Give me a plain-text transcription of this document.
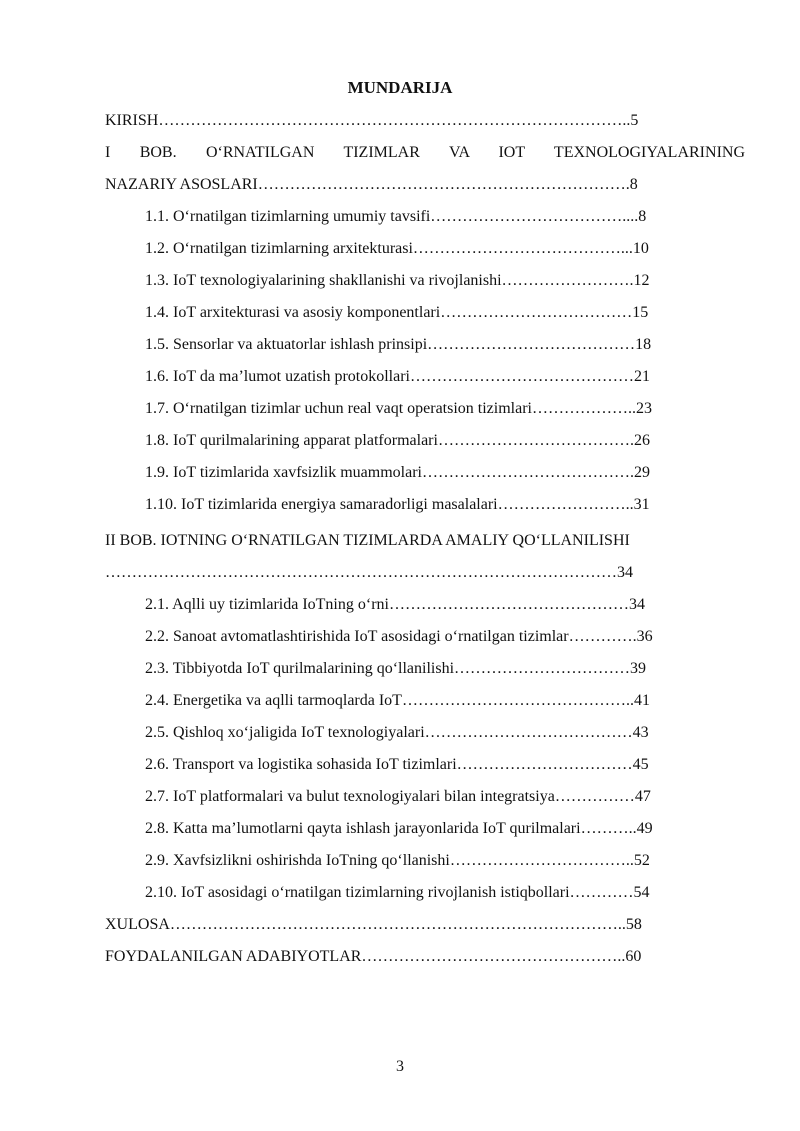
MUNDARIJA
KIRISH……………………………………………………………………………..5
I BOB. O‘RNATILGAN TIZIMLAR VA IOT TEXNOLOGIYALARINING
NAZARIY ASOSLARI…………………………………………………………….8
1.1. O‘rnatilgan tizimlarning umumiy tavsifi………………………………....8
1.2. O‘rnatilgan tizimlarning arxitekturasi…………………………………...10
1.3. IoT texnologiyalarining shakllanishi va rivojlanishi…………………….12
1.4. IoT arxitekturasi va asosiy komponentlari………………………………15
1.5. Sensorlar va aktuatorlar ishlash prinsipi…………………………………18
1.6. IoT da ma’lumot uzatish protokollari……………………………………21
1.7. O‘rnatilgan tizimlar uchun real vaqt operatsion tizimlari………………..23
1.8. IoT qurilmalarining apparat platformalari……………………………….26
1.9. IoT tizimlarida xavfsizlik muammolari………………………………….29
1.10. IoT tizimlarida energiya samaradorligi masalalari……………………..31
II BOB. IOTNING O‘RNATILGAN TIZIMLARDA AMALIY QO‘LLANILISHI
……………………………………………………………………………………34
2.1. Aqlli uy tizimlarida IoTning o‘rni………………………………………34
2.2. Sanoat avtomatlashtirishida IoT asosidagi o‘rnatilgan tizimlar………….36
2.3. Tibbiyotda IoT qurilmalarining qo‘llanilishi……………………………39
2.4. Energetika va aqlli tarmoqlarda IoT……………………………………..41
2.5. Qishloq xo‘jaligida IoT texnologiyalari…………………………………43
2.6. Transport va logistika sohasida IoT tizimlari……………………………45
2.7. IoT platformalari va bulut texnologiyalari bilan integratsiya……………47
2.8. Katta ma’lumotlarni qayta ishlash jarayonlarida IoT qurilmalari………..49
2.9. Xavfsizlikni oshirishda IoTning qo‘llanishi……………………………..52
2.10. IoT asosidagi o‘rnatilgan tizimlarning rivojlanish istiqbollari…………54
XULOSA…………………………………………………………………………..58
FOYDALANILGAN ADABIYOTLAR…………………………………………..60
3
